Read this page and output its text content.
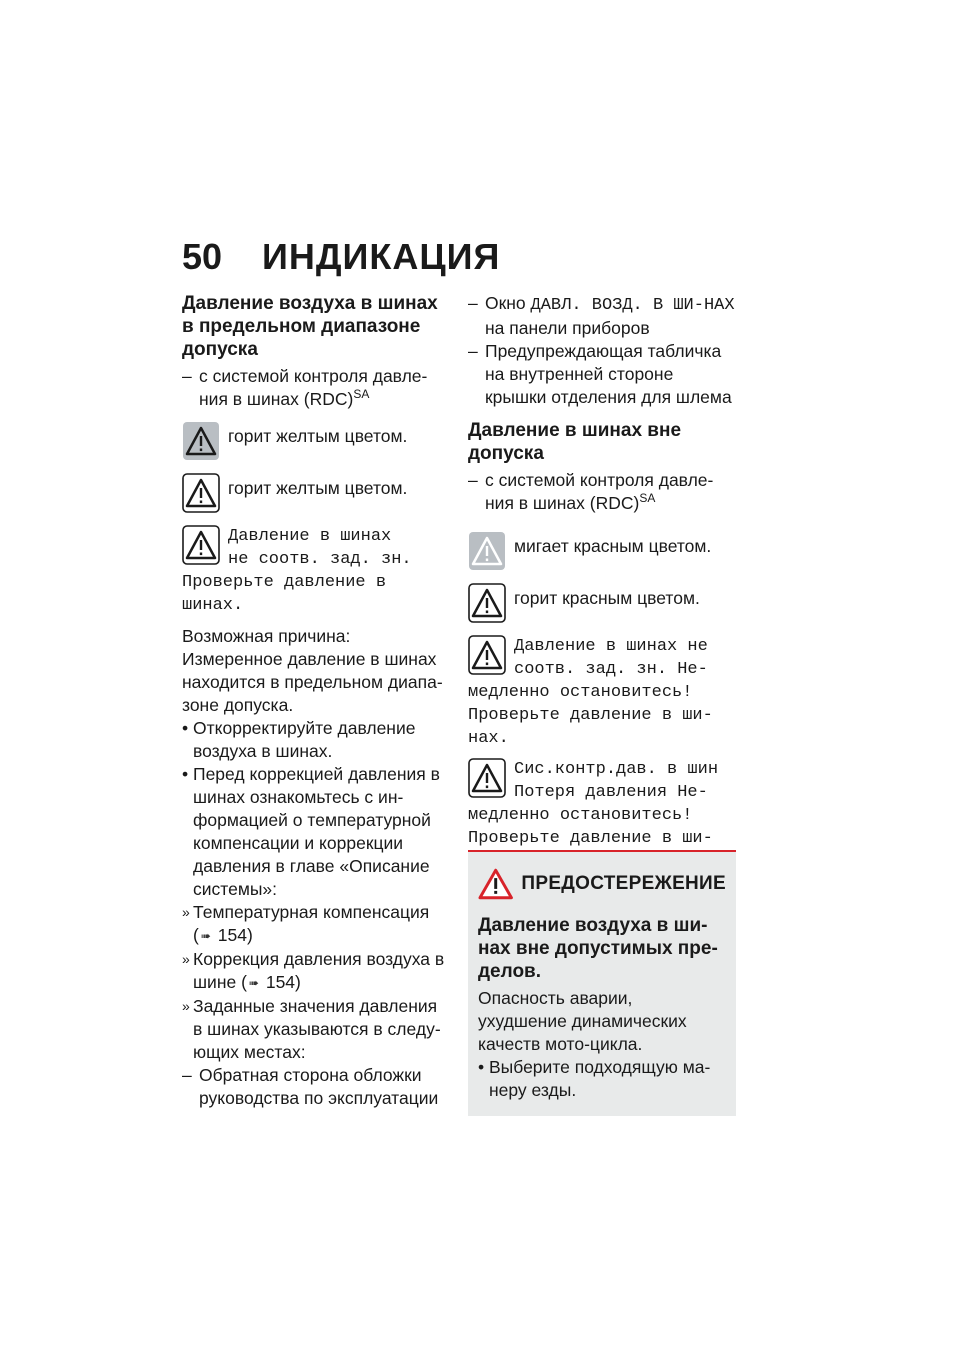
50	ИНДИКАЦИЯ
Давление воздуха в шинах в предельном диапазоне допуска
– с системой контроля давле-ния в шинах (RDC)$^{SA}$
горит желтым цветом.
горит желтым цветом.
Давление в шинах
не соотв. зад. зн.
Проверьте давление в шинах.
Возможная причина:
Измеренное давление в шинах находится в предельном диапа-зоне допуска.
• Откорректируйте давление воздуха в шинах.
• Перед коррекцией давления в шинах ознакомьтесь с ин-формацией о температурной компенсации и коррекции давления в главе «Описание системы»:
» Температурная компенсация
( ➠ 154)
» Коррекция давления воздуха в шине ( ➠ 154)
» Заданные значения давления в шинах указываются в следу-ющих местах:
– Обратная сторона обложки руководства по эксплуатации
– Окно ДАВЛ. ВОЗД. В ШИ-НАХ на панели приборов
– Предупреждающая табличка на внутренней стороне крышки отделения для шлема
Давление в шинах вне допуска
– с системой контроля давле-ния в шинах (RDC)$^{SA}$
мигает красным цветом.
горит красным цветом.
Давление в шинах не
соотв. зад. зн. Не-
медленно остановитесь! Проверьте давление в ши-нах.
Сис.контр.дав. в шин
Потеря давления Не-
медленно остановитесь! Проверьте давление в ши-
ПРЕДОСТЕРЕЖЕНИЕ
Давление воздуха в ши-нах вне допустимых пре-делов.
Опасность аварии, ухудшение динамических качеств мото-цикла.
• Выберите подходящую ма-неру езды.
